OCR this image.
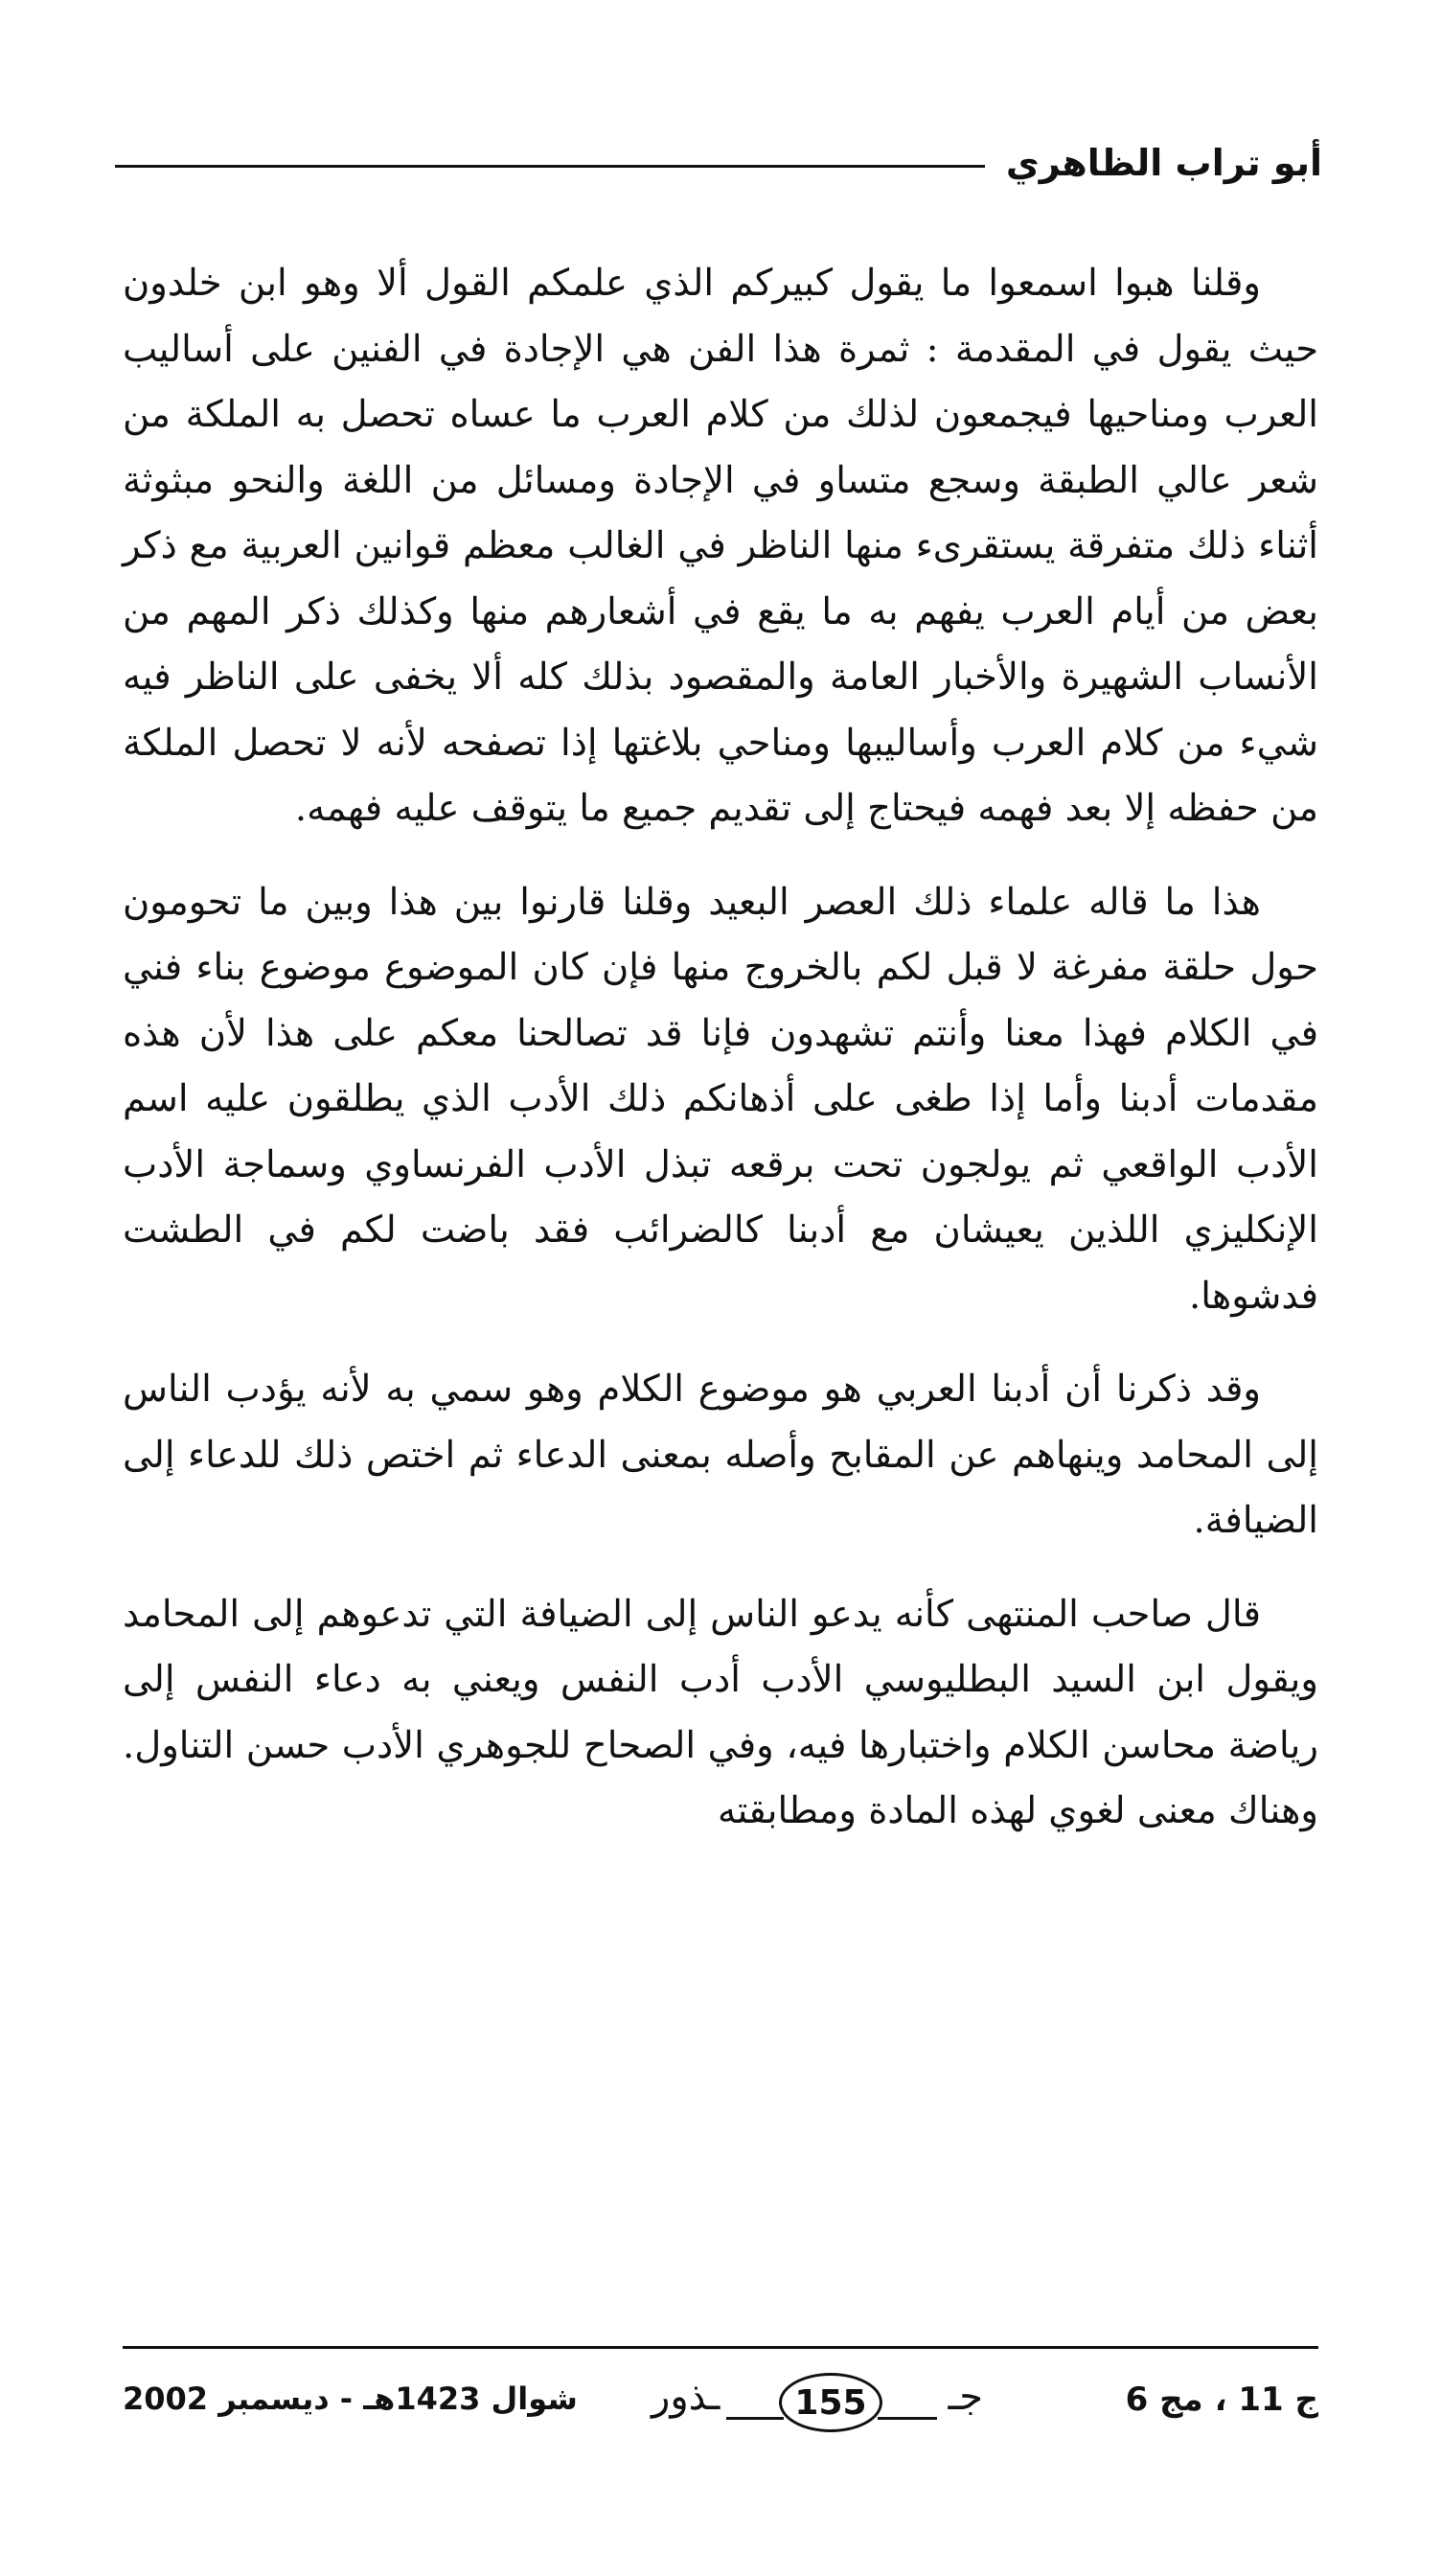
أبو تراب الظاهري

وقلنا هبوا اسمعوا ما يقول كبيركم الذي علمكم القول ألا وهو ابن خلدون حيث يقول في المقدمة : ثمرة هذا الفن هي الإجادة في الفنين على أساليب العرب ومناحيها فيجمعون لذلك من كلام العرب ما عساه تحصل به الملكة من شعر عالي الطبقة وسجع متساو في الإجادة ومسائل من اللغة والنحو مبثوثة أثناء ذلك متفرقة يستقرىء منها الناظر في الغالب معظم قوانين العربية مع ذكر بعض من أيام العرب يفهم به ما يقع في أشعارهم منها وكذلك ذكر المهم من الأنساب الشهيرة والأخبار العامة والمقصود بذلك كله ألا يخفى على الناظر فيه شيء من كلام العرب وأساليبها ومناحي بلاغتها إذا تصفحه لأنه لا تحصل الملكة من حفظه إلا بعد فهمه فيحتاج إلى تقديم جميع ما يتوقف عليه فهمه.

هذا ما قاله علماء ذلك العصر البعيد وقلنا قارنوا بين هذا وبين ما تحومون حول حلقة مفرغة لا قبل لكم بالخروج منها فإن كان الموضوع موضوع بناء فني في الكلام فهذا معنا وأنتم تشهدون فإنا قد تصالحنا معكم على هذا لأن هذه مقدمات أدبنا وأما إذا طغى على أذهانكم ذلك الأدب الذي يطلقون عليه اسم الأدب الواقعي ثم يولجون تحت برقعه تبذل الأدب الفرنساوي وسماجة الأدب الإنكليزي اللذين يعيشان مع أدبنا كالضرائب فقد باضت لكم في الطشت فدشوها.

وقد ذكرنا أن أدبنا العربي هو موضوع الكلام وهو سمي به لأنه يؤدب الناس إلى المحامد وينهاهم عن المقابح وأصله بمعنى الدعاء ثم اختص ذلك للدعاء إلى الضيافة.

قال صاحب المنتهى كأنه يدعو الناس إلى الضيافة التي تدعوهم إلى المحامد ويقول ابن السيد البطليوسي الأدب أدب النفس ويعني به دعاء النفس إلى رياضة محاسن الكلام واختبارها فيه، وفي الصحاح للجوهري الأدب حسن التناول. وهناك معنى لغوي لهذه المادة ومطابقته

ج 11 ، مج 6
جـ
155
ـذور
شوال 1423هـ - ديسمبر 2002
